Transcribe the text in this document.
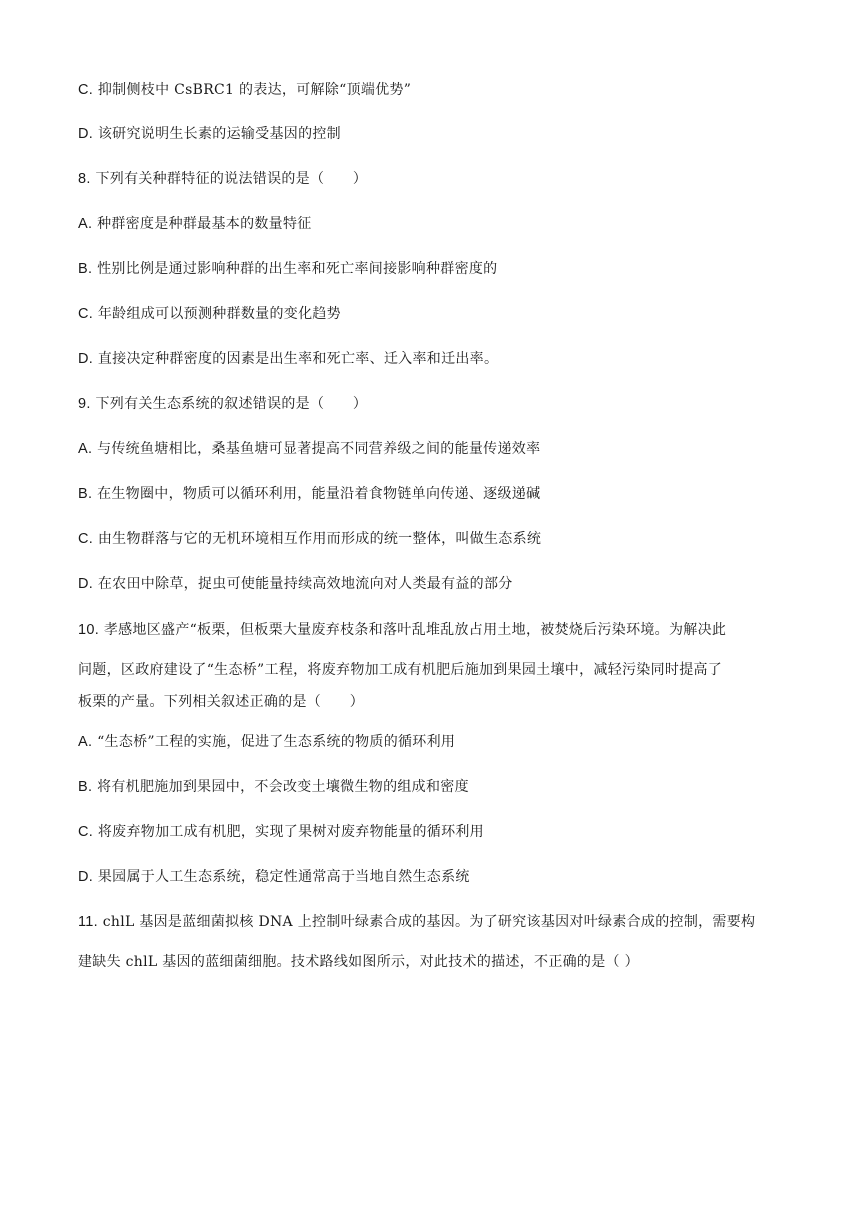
C. 抑制侧枝中 CsBRC1 的表达，可解除“顶端优势”
D. 该研究说明生长素的运输受基因的控制
8. 下列有关种群特征的说法错误的是（　　）
A. 种群密度是种群最基本的数量特征
B. 性别比例是通过影响种群的出生率和死亡率间接影响种群密度的
C. 年龄组成可以预测种群数量的变化趋势
D. 直接决定种群密度的因素是出生率和死亡率、迁入率和迁出率。
9. 下列有关生态系统的叙述错误的是（　　）
A. 与传统鱼塘相比，桑基鱼塘可显著提高不同营养级之间的能量传递效率
B. 在生物圈中，物质可以循环利用，能量沿着食物链单向传递、逐级递碱
C. 由生物群落与它的无机环境相互作用而形成的统一整体，叫做生态系统
D. 在农田中除草，捉虫可使能量持续高效地流向对人类最有益的部分
10. 孝感地区盛产“板栗，但板栗大量废弃枝条和落叶乱堆乱放占用土地，被焚烧后污染环境。为解决此
问题，区政府建设了“生态桥”工程，将废弃物加工成有机肥后施加到果园土壤中，减轻污染同时提高了
板栗的产量。下列相关叙述正确的是（　　）
A. “生态桥”工程的实施，促进了生态系统的物质的循环利用
B. 将有机肥施加到果园中，不会改变土壤微生物的组成和密度
C. 将废弃物加工成有机肥，实现了果树对废弃物能量的循环利用
D. 果园属于人工生态系统，稳定性通常高于当地自然生态系统
11. chlL 基因是蓝细菌拟核 DNA 上控制叶绿素合成的基因。为了研究该基因对叶绿素合成的控制，需要构
建缺失 chlL 基因的蓝细菌细胞。技术路线如图所示，对此技术的描述，不正确的是（ ）
